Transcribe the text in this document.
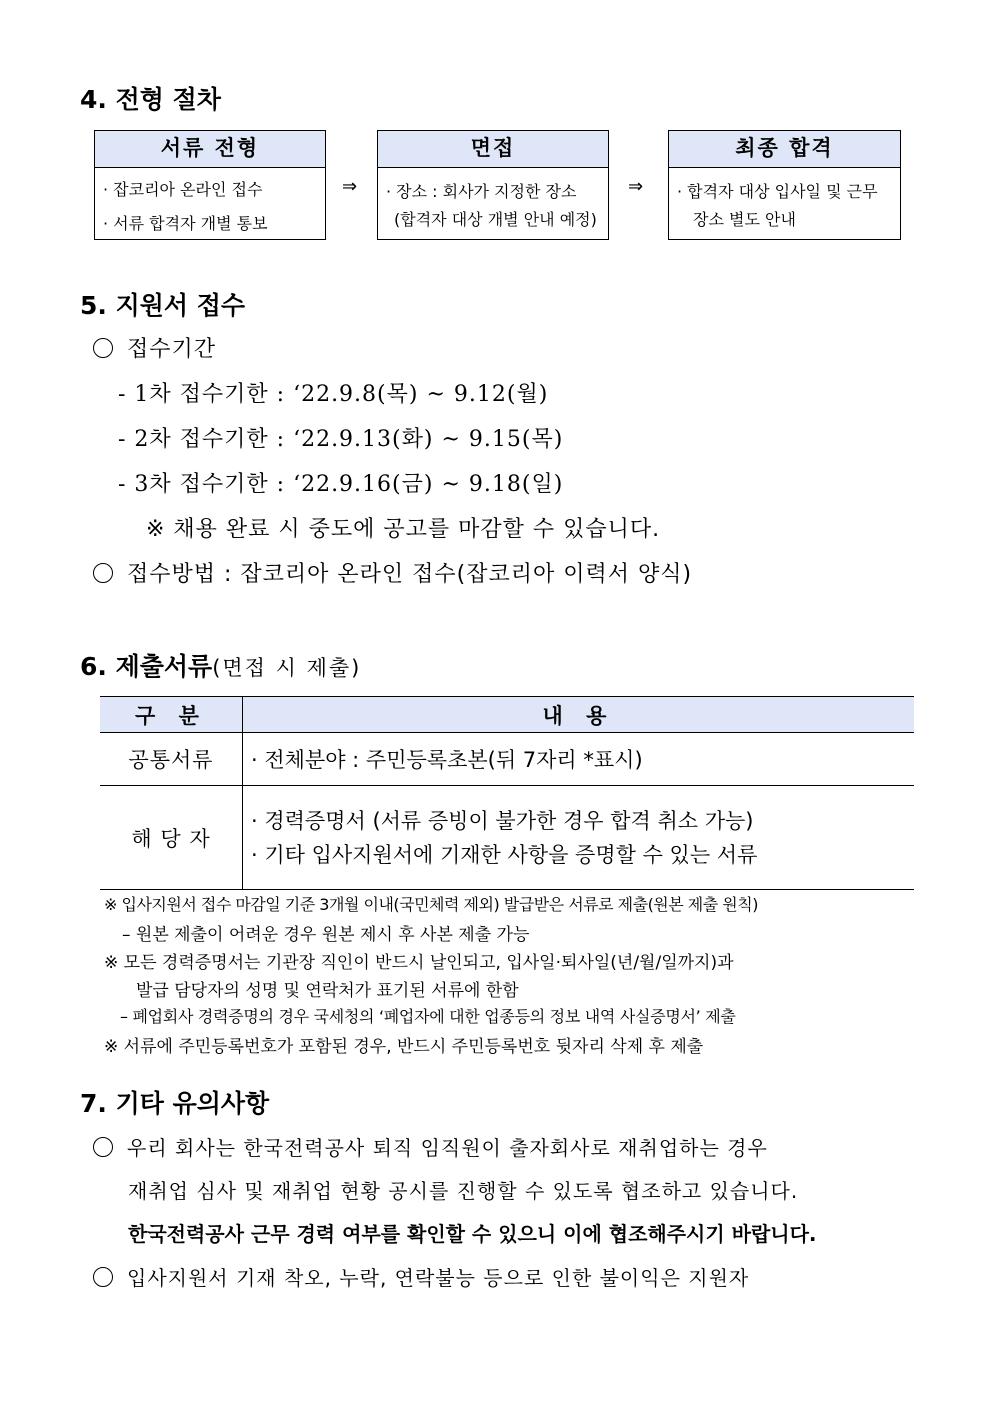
4. 전형 절차
서류 전형
· 잡코리아 온라인 접수
· 서류 합격자 개별 통보
⇒
면접
· 장소 : 회사가 지정한 장소
(합격자 대상 개별 안내 예정)
⇒
최종 합격
· 합격자 대상 입사일 및 근무
장소 별도 안내
5. 지원서 접수
접수기간
- 1차 접수기한 : ‘22.9.8(목) ~ 9.12(월)
- 2차 접수기한 : ‘22.9.13(화) ~ 9.15(목)
- 3차 접수기한 : ‘22.9.16(금) ~ 9.18(일)
※ 채용 완료 시 중도에 공고를 마감할 수 있습니다.
접수방법 : 잡코리아 온라인 접수(잡코리아 이력서 양식)
6. 제출서류(면접 시 제출)
구 분	내 용
공통서류	· 전체분야 : 주민등록초본(뒤 7자리 *표시)
해 당 자	· 경력증명서 (서류 증빙이 불가한 경우 합격 취소 가능)
· 기타 입사지원서에 기재한 사항을 증명할 수 있는 서류
※ 입사지원서 접수 마감일 기준 3개월 이내(국민체력 제외) 발급받은 서류로 제출(원본 제출 원칙)
– 원본 제출이 어려운 경우 원본 제시 후 사본 제출 가능
※ 모든 경력증명서는 기관장 직인이 반드시 날인되고, 입사일·퇴사일(년/월/일까지)과
발급 담당자의 성명 및 연락처가 표기된 서류에 한함
– 폐업회사 경력증명의 경우 국세청의 ‘폐업자에 대한 업종등의 정보 내역 사실증명서’ 제출
※ 서류에 주민등록번호가 포함된 경우, 반드시 주민등록번호 뒷자리 삭제 후 제출
7. 기타 유의사항
우리 회사는 한국전력공사 퇴직 임직원이 출자회사로 재취업하는 경우
재취업 심사 및 재취업 현황 공시를 진행할 수 있도록 협조하고 있습니다.
한국전력공사 근무 경력 여부를 확인할 수 있으니 이에 협조해주시기 바랍니다.
입사지원서 기재 착오, 누락, 연락불능 등으로 인한 불이익은 지원자
